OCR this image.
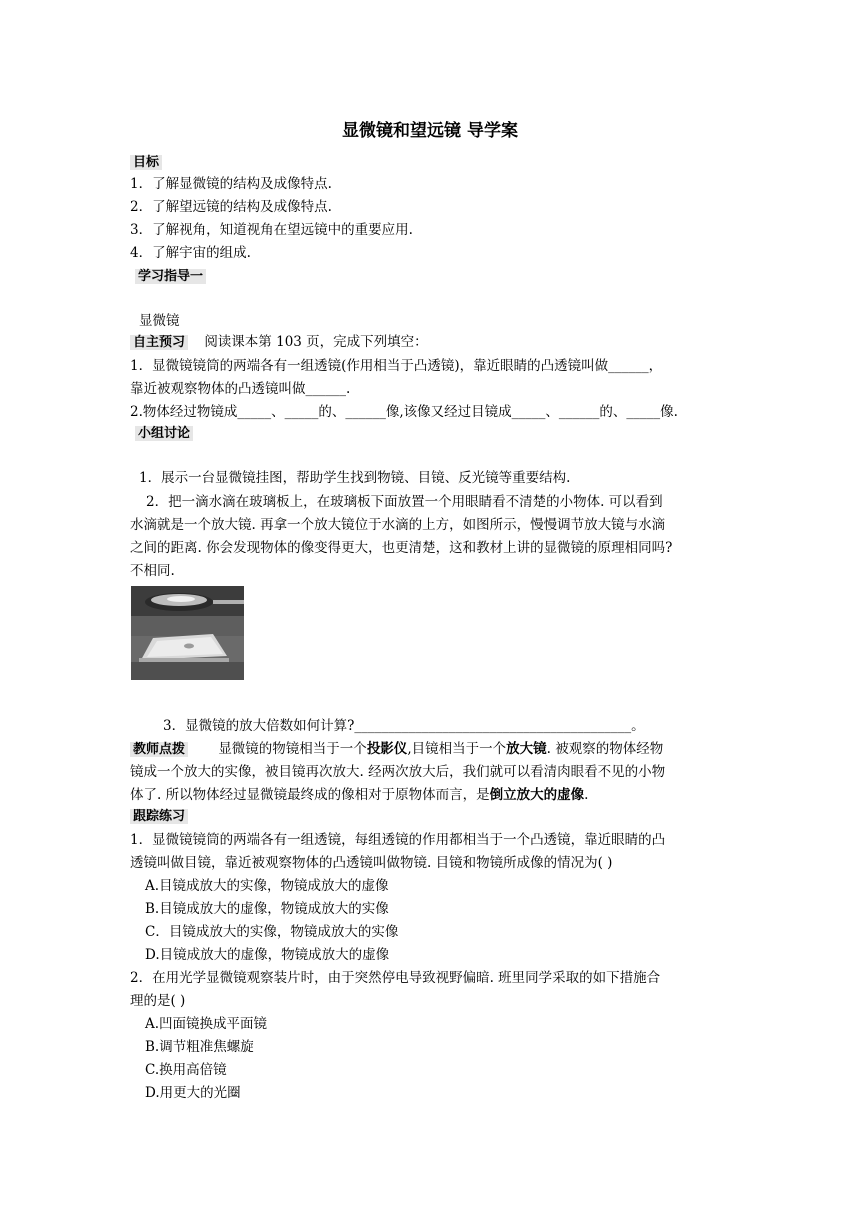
显微镜和望远镜 导学案
目标
1．了解显微镜的结构及成像特点.
2．了解望远镜的结构及成像特点.
3．了解视角，知道视角在望远镜中的重要应用.
4．了解宇宙的组成.
学习指导一
显微镜
自主预习 阅读课本第 103 页，完成下列填空：
1．显微镜镜筒的两端各有一组透镜(作用相当于凸透镜)，靠近眼睛的凸透镜叫做______，
靠近被观察物体的凸透镜叫做______.
2.物体经过物镜成_____、_____的、______像,该像又经过目镜成_____、______的、_____像.
小组讨论
1．展示一台显微镜挂图，帮助学生找到物镜、目镜、反光镜等重要结构.
2．把一滴水滴在玻璃板上，在玻璃板下面放置一个用眼睛看不清楚的小物体. 可以看到
水滴就是一个放大镜. 再拿一个放大镜位于水滴的上方，如图所示，慢慢调节放大镜与水滴
之间的距离. 你会发现物体的像变得更大，也更清楚，这和教材上讲的显微镜的原理相同吗?
不相同.
3．显微镜的放大倍数如何计算?_________________________________________。
教师点拨 显微镜的物镜相当于一个投影仪,目镜相当于一个放大镜. 被观察的物体经物
镜成一个放大的实像，被目镜再次放大. 经两次放大后，我们就可以看清肉眼看不见的小物
体了. 所以物体经过显微镜最终成的像相对于原物体而言，是倒立放大的虚像.
跟踪练习
1．显微镜镜筒的两端各有一组透镜，每组透镜的作用都相当于一个凸透镜，靠近眼睛的凸
透镜叫做目镜，靠近被观察物体的凸透镜叫做物镜. 目镜和物镜所成像的情况为( )
A.目镜成放大的实像，物镜成放大的虚像
B.目镜成放大的虚像，物镜成放大的实像
C．目镜成放大的实像，物镜成放大的实像
D.目镜成放大的虚像，物镜成放大的虚像
2．在用光学显微镜观察装片时，由于突然停电导致视野偏暗. 班里同学采取的如下措施合
理的是( )
A.凹面镜换成平面镜
B.调节粗准焦螺旋
C.换用高倍镜
D.用更大的光圈
